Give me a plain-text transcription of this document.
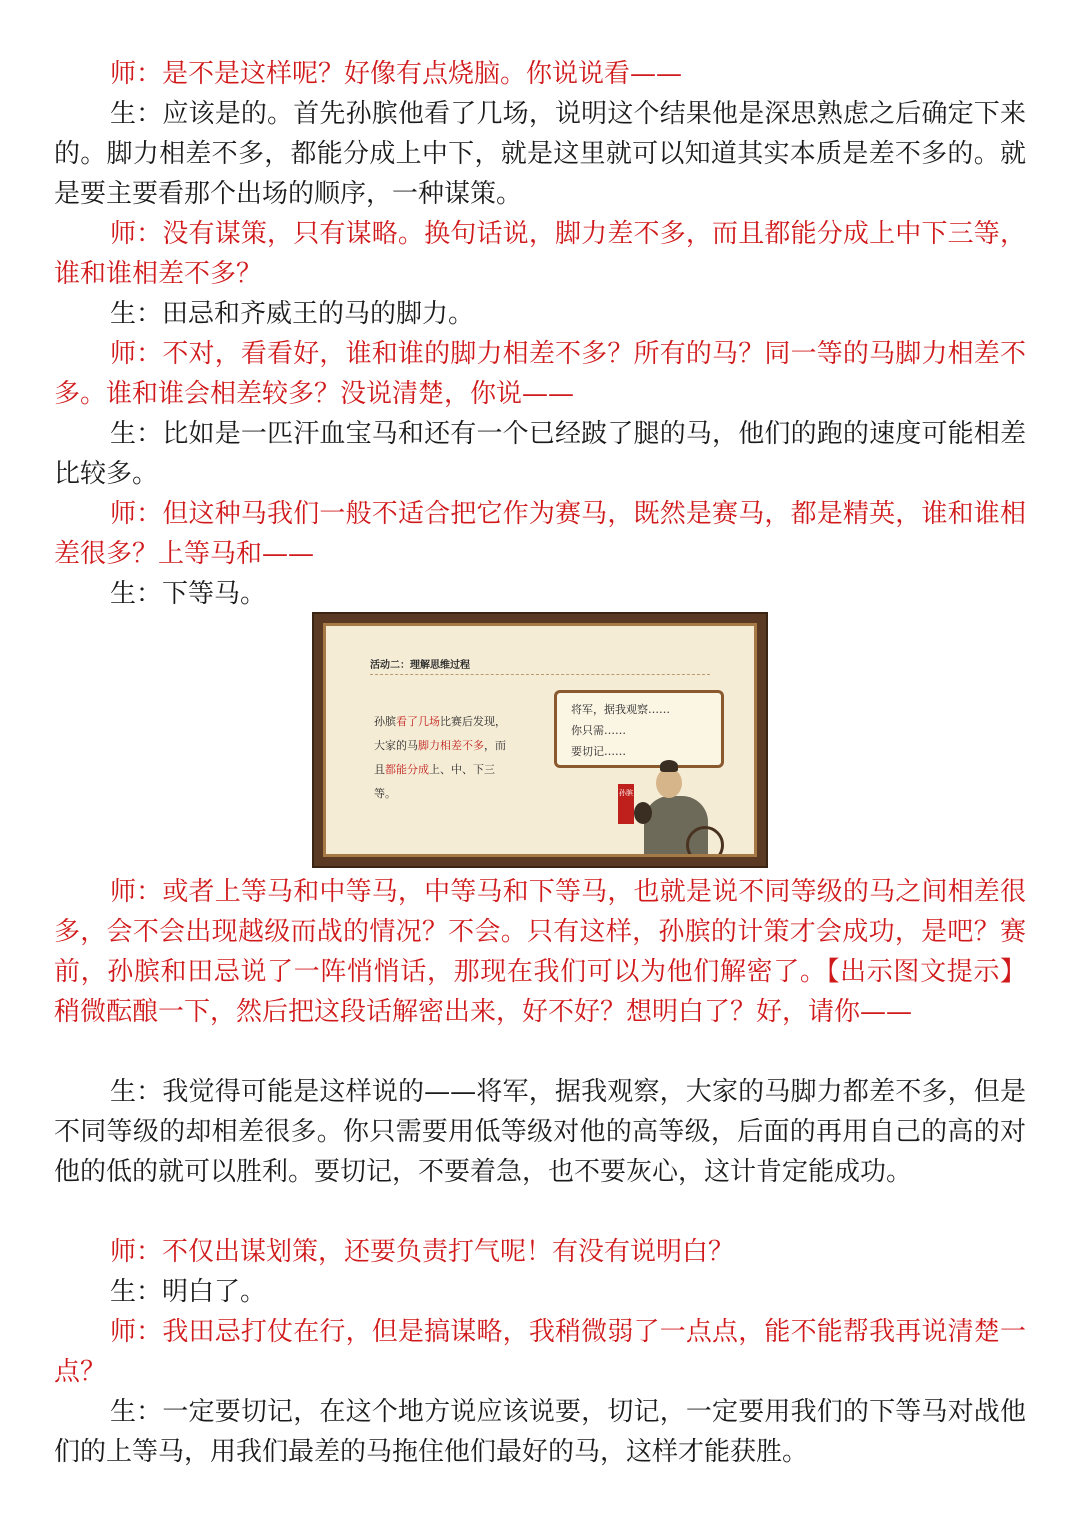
师：是不是这样呢？好像有点烧脑。你说说看——

生：应该是的。首先孙膑他看了几场，说明这个结果他是深思熟虑之后确定下来的。脚力相差不多，都能分成上中下，就是这里就可以知道其实本质是差不多的。就是要主要看那个出场的顺序，一种谋策。

师：没有谋策，只有谋略。换句话说，脚力差不多，而且都能分成上中下三等，谁和谁相差不多？

生：田忌和齐威王的马的脚力。

师：不对，看看好，谁和谁的脚力相差不多？所有的马？同一等的马脚力相差不多。谁和谁会相差较多？没说清楚，你说——

生：比如是一匹汗血宝马和还有一个已经跛了腿的马，他们的跑的速度可能相差比较多。

师：但这种马我们一般不适合把它作为赛马，既然是赛马，都是精英，谁和谁相差很多？上等马和——

生：下等马。

活动二：理解思维过程
孙膑看了几场比赛后发现，大家的马脚力相差不多，而且都能分成上、中、下三等。
将军，据我观察……
你只需……
要切记……
孙膑

师：或者上等马和中等马，中等马和下等马，也就是说不同等级的马之间相差很多，会不会出现越级而战的情况？不会。只有这样，孙膑的计策才会成功，是吧？赛前，孙膑和田忌说了一阵悄悄话，那现在我们可以为他们解密了。【出示图文提示】稍微酝酿一下，然后把这段话解密出来，好不好？想明白了？好，请你——

生：我觉得可能是这样说的——将军，据我观察，大家的马脚力都差不多，但是不同等级的却相差很多。你只需要用低等级对他的高等级，后面的再用自己的高的对他的低的就可以胜利。要切记，不要着急，也不要灰心，这计肯定能成功。

师：不仅出谋划策，还要负责打气呢！有没有说明白？

生：明白了。

师：我田忌打仗在行，但是搞谋略，我稍微弱了一点点，能不能帮我再说清楚一点？

生：一定要切记，在这个地方说应该说要，切记，一定要用我们的下等马对战他们的上等马，用我们最差的马拖住他们最好的马，这样才能获胜。
